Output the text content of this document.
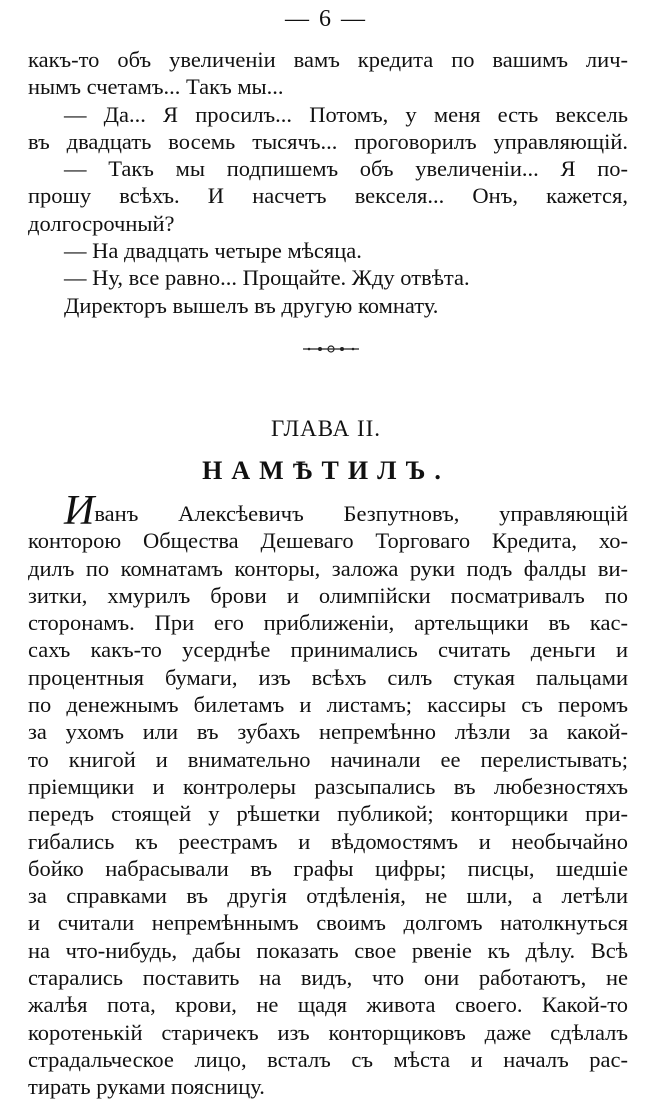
— 6 —
какъ-то объ увеличеніи вамъ кредита по вашимъ лич-
нымъ счетамъ... Такъ мы...
— Да... Я просилъ... Потомъ, у меня есть вексель
въ двадцать восемь тысячъ... проговорилъ управляющій.
— Такъ мы подпишемъ объ увеличеніи... Я по-
прошу всѣхъ. И насчетъ векселя... Онъ, кажется,
долгосрочный?
— На двадцать четыре мѣсяца.
— Ну, все равно... Прощайте. Жду отвѣта.
Директоръ вышелъ въ другую комнату.
ГЛАВА II.
НАМѢТИЛЪ.
Иванъ Алексѣевичъ Безпутновъ, управляющій
конторою Общества Дешеваго Торговаго Кредита, хо-
дилъ по комнатамъ конторы, заложа руки подъ фалды ви-
зитки, хмурилъ брови и олимпійски посматривалъ по
сторонамъ. При его приближеніи, артельщики въ кас-
сахъ какъ-то усерднѣе принимались считать деньги и
процентныя бумаги, изъ всѣхъ силъ стукая пальцами
по денежнымъ билетамъ и листамъ; кассиры съ перомъ
за ухомъ или въ зубахъ непремѣнно лѣзли за какой-
то книгой и внимательно начинали ее перелистывать;
пріемщики и контролеры разсыпались въ любезностяхъ
передъ стоящей у рѣшетки публикой; конторщики при-
гибались къ реестрамъ и вѣдомостямъ и необычайно
бойко набрасывали въ графы цифры; писцы, шедшіе
за справками въ другія отдѣленія, не шли, а летѣли
и считали непремѣннымъ своимъ долгомъ натолкнуться
на что-нибудь, дабы показать свое рвеніе къ дѣлу. Всѣ
старались поставить на видъ, что они работаютъ, не
жалѣя пота, крови, не щадя живота своего. Какой-то
коротенькій старичекъ изъ конторщиковъ даже сдѣлалъ
страдальческое лицо, всталъ съ мѣста и началъ рас-
тирать руками поясницу.
